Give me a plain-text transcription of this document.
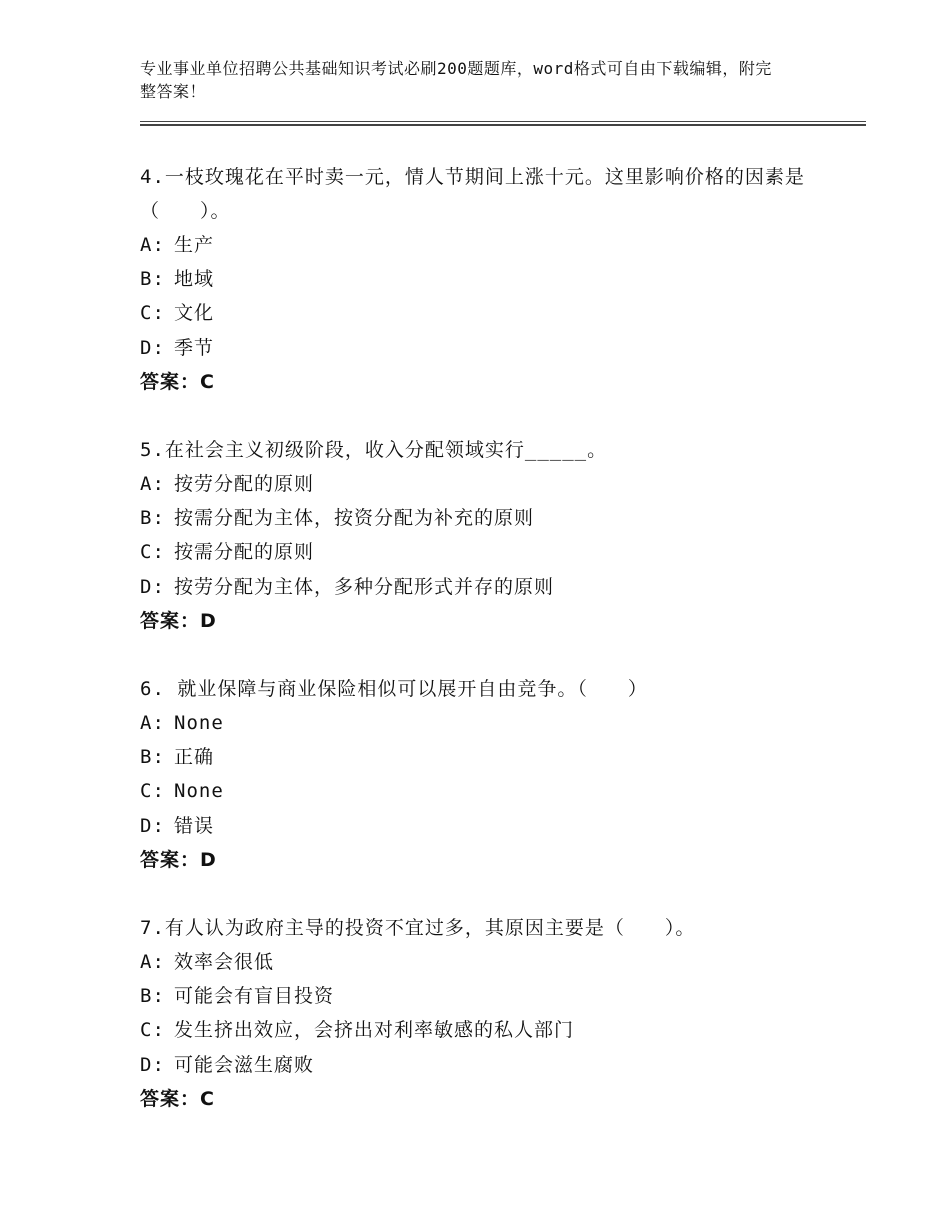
专业事业单位招聘公共基础知识考试必刷200题题库，word格式可自由下载编辑，附完整答案！
4.一枝玫瑰花在平时卖一元，情人节期间上涨十元。这里影响价格的因素是（　　）。
A: 生产
B: 地域
C: 文化
D: 季节
答案：C
5.在社会主义初级阶段，收入分配领域实行_____。
A: 按劳分配的原则
B: 按需分配为主体，按资分配为补充的原则
C: 按需分配的原则
D: 按劳分配为主体，多种分配形式并存的原则
答案：D
6. 就业保障与商业保险相似可以展开自由竞争。（　　）
A: None
B: 正确
C: None
D: 错误
答案：D
7.有人认为政府主导的投资不宜过多，其原因主要是（　　）。
A: 效率会很低
B: 可能会有盲目投资
C: 发生挤出效应，会挤出对利率敏感的私人部门
D: 可能会滋生腐败
答案：C
